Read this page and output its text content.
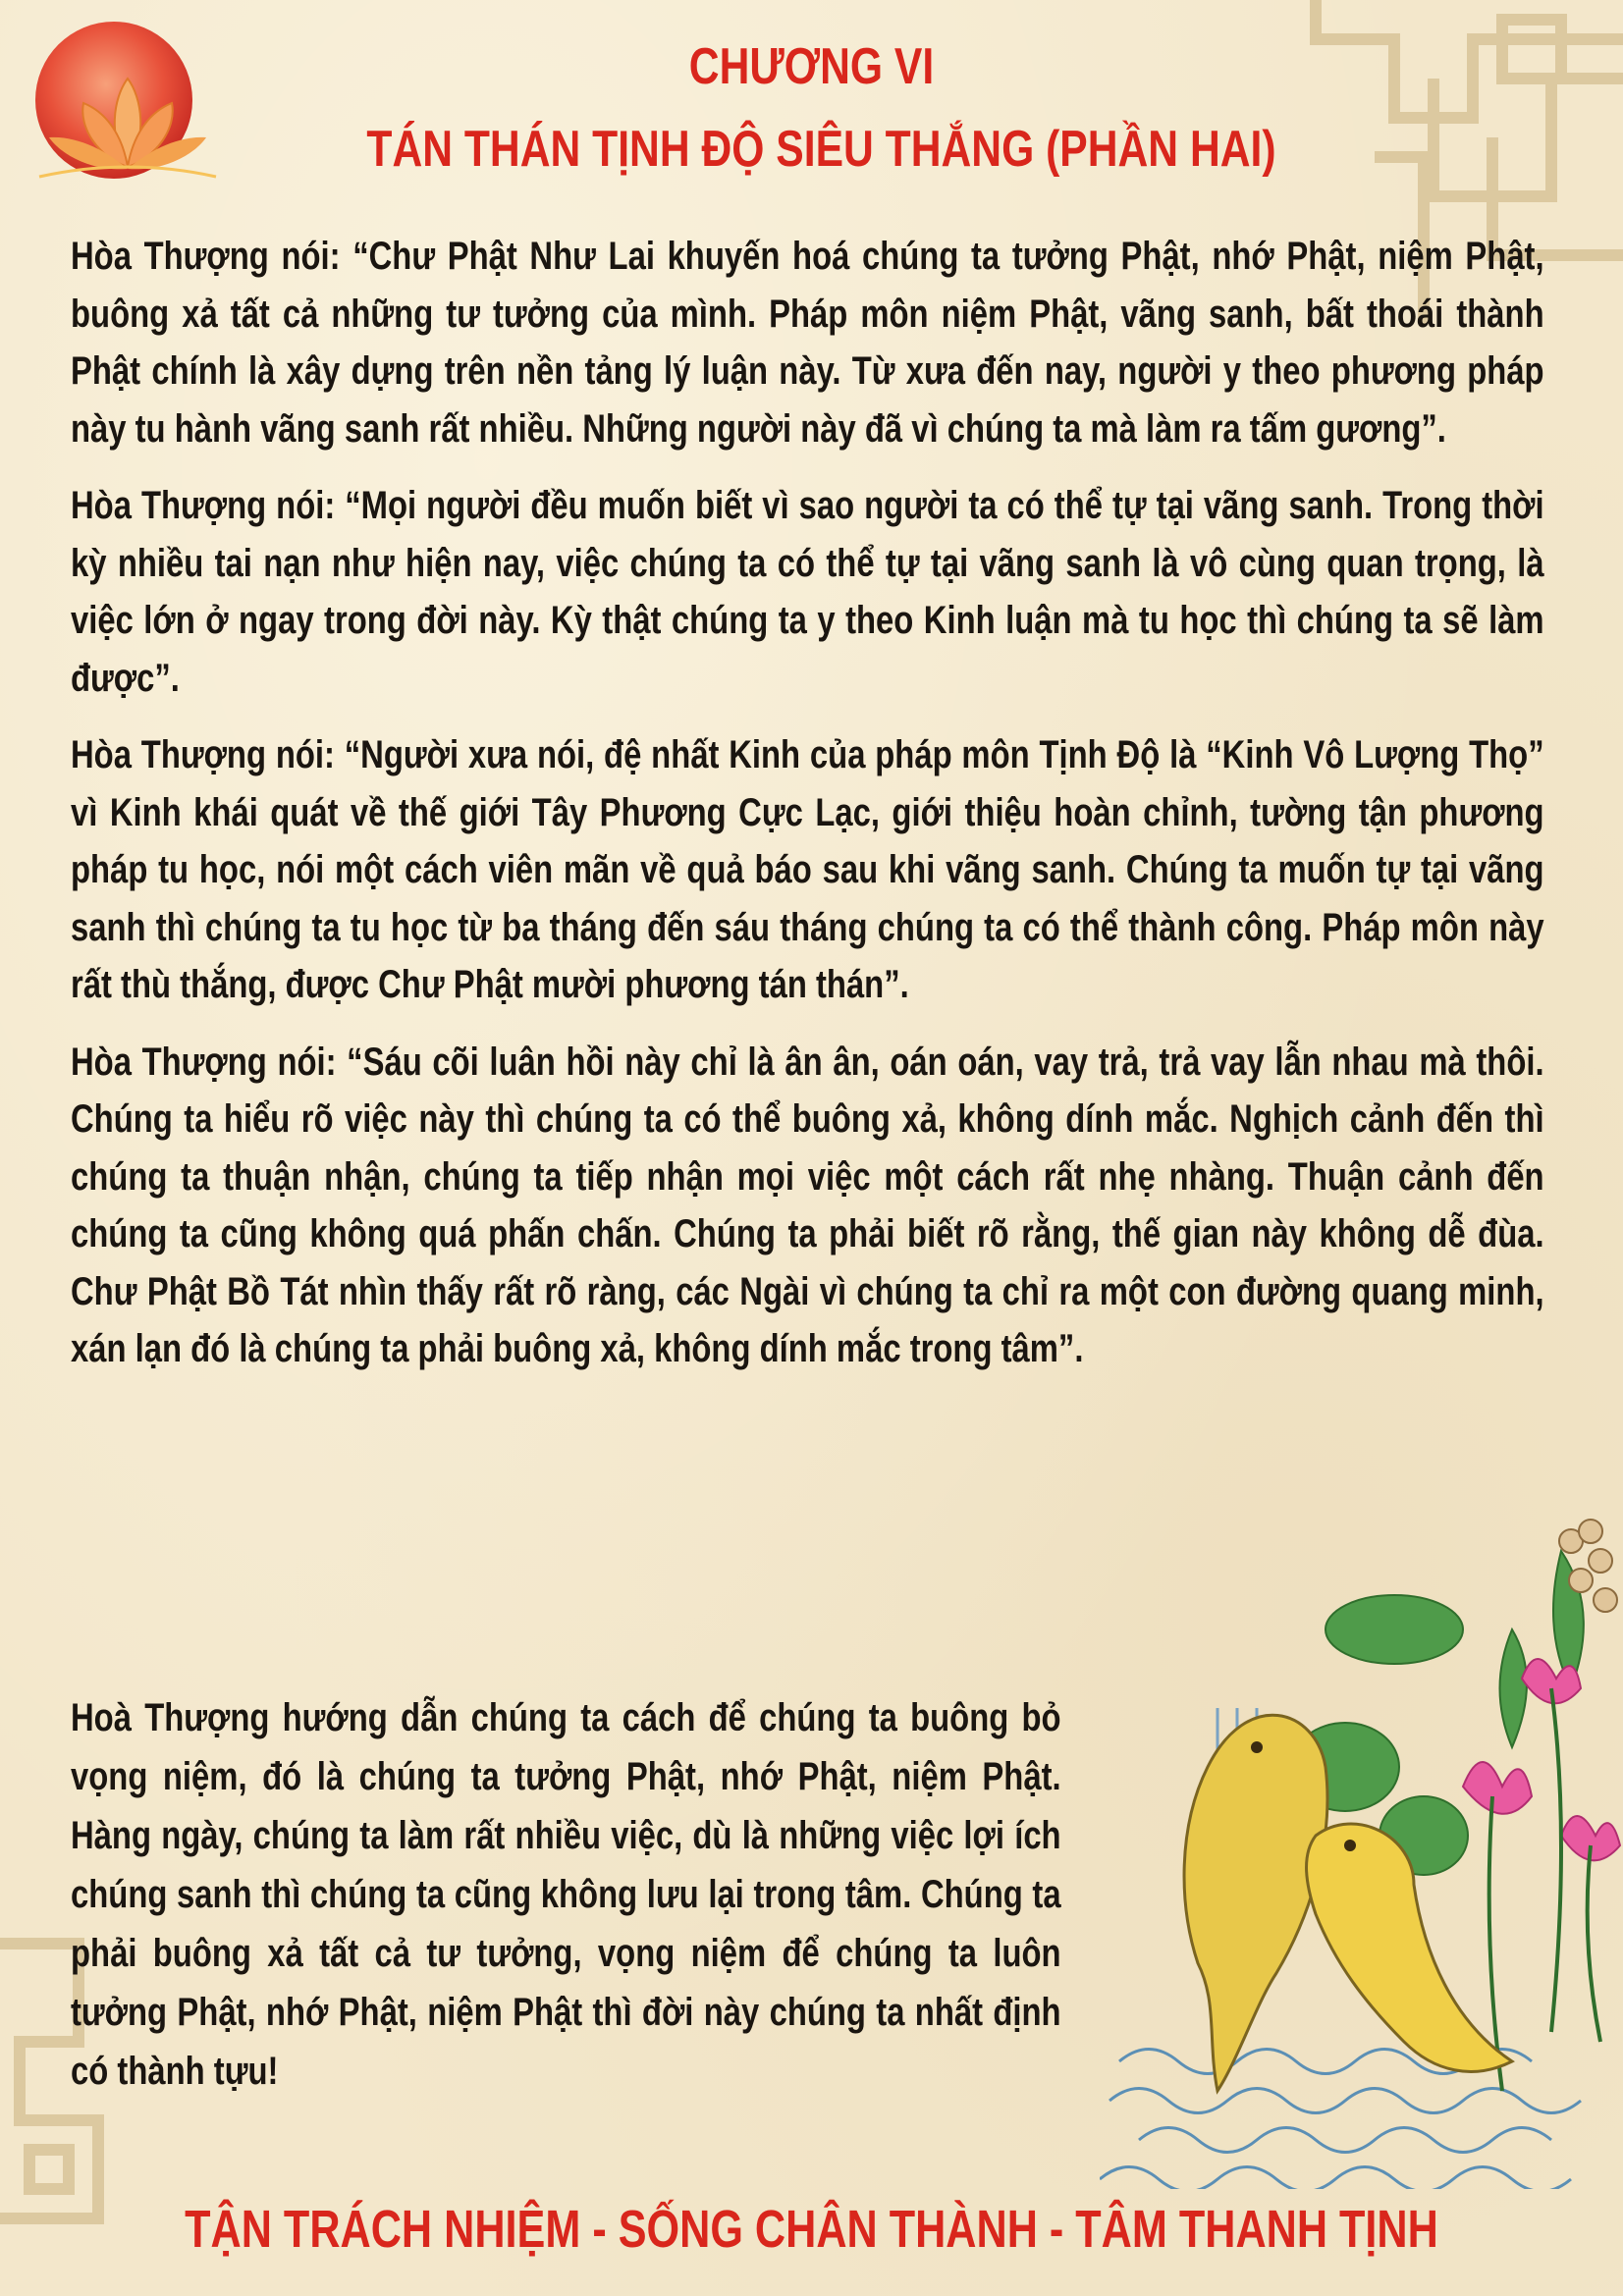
CHƯƠNG VI
TÁN THÁN TỊNH ĐỘ SIÊU THẮNG (PHẦN HAI)

Hòa Thượng nói: “Chư Phật Như Lai khuyến hoá chúng ta tưởng Phật, nhớ Phật, niệm Phật, buông xả tất cả những tư tưởng của mình. Pháp môn niệm Phật, vãng sanh, bất thoái thành Phật chính là xây dựng trên nền tảng lý luận này. Từ xưa đến nay, người y theo phương pháp này tu hành vãng sanh rất nhiều. Những người này đã vì chúng ta mà làm ra tấm gương”.

Hòa Thượng nói: “Mọi người đều muốn biết vì sao người ta có thể tự tại vãng sanh. Trong thời kỳ nhiều tai nạn như hiện nay, việc chúng ta có thể tự tại vãng sanh là vô cùng quan trọng, là việc lớn ở ngay trong đời này. Kỳ thật chúng ta y theo Kinh luận mà tu học thì chúng ta sẽ làm được”.

Hòa Thượng nói: “Người xưa nói, đệ nhất Kinh của pháp môn Tịnh Độ là “Kinh Vô Lượng Thọ” vì Kinh khái quát về thế giới Tây Phương Cực Lạc, giới thiệu hoàn chỉnh, tường tận phương pháp tu học, nói một cách viên mãn về quả báo sau khi vãng sanh. Chúng ta muốn tự tại vãng sanh thì chúng ta tu học từ ba tháng đến sáu tháng chúng ta có thể thành công. Pháp môn này rất thù thắng, được Chư Phật mười phương tán thán”.

Hòa Thượng nói: “Sáu cõi luân hồi này chỉ là ân ân, oán oán, vay trả, trả vay lẫn nhau mà thôi. Chúng ta hiểu rõ việc này thì chúng ta có thể buông xả, không dính mắc. Nghịch cảnh đến thì chúng ta thuận nhận, chúng ta tiếp nhận mọi việc một cách rất nhẹ nhàng. Thuận cảnh đến chúng ta cũng không quá phấn chấn. Chúng ta phải biết rõ rằng, thế gian này không dễ đùa. Chư Phật Bồ Tát nhìn thấy rất rõ ràng, các Ngài vì chúng ta chỉ ra một con đường quang minh, xán lạn đó là chúng ta phải buông xả, không dính mắc trong tâm”.

Hoà Thượng hướng dẫn chúng ta cách để chúng ta buông bỏ vọng niệm, đó là chúng ta tưởng Phật, nhớ Phật, niệm Phật. Hàng ngày, chúng ta làm rất nhiều việc, dù là những việc lợi ích chúng sanh thì chúng ta cũng không lưu lại trong tâm. Chúng ta phải buông xả tất cả tư tưởng, vọng niệm để chúng ta luôn tưởng Phật, nhớ Phật, niệm Phật thì đời này chúng ta nhất định có thành tựu!
TẬN TRÁCH NHIỆM - SỐNG CHÂN THÀNH - TÂM THANH TỊNH
